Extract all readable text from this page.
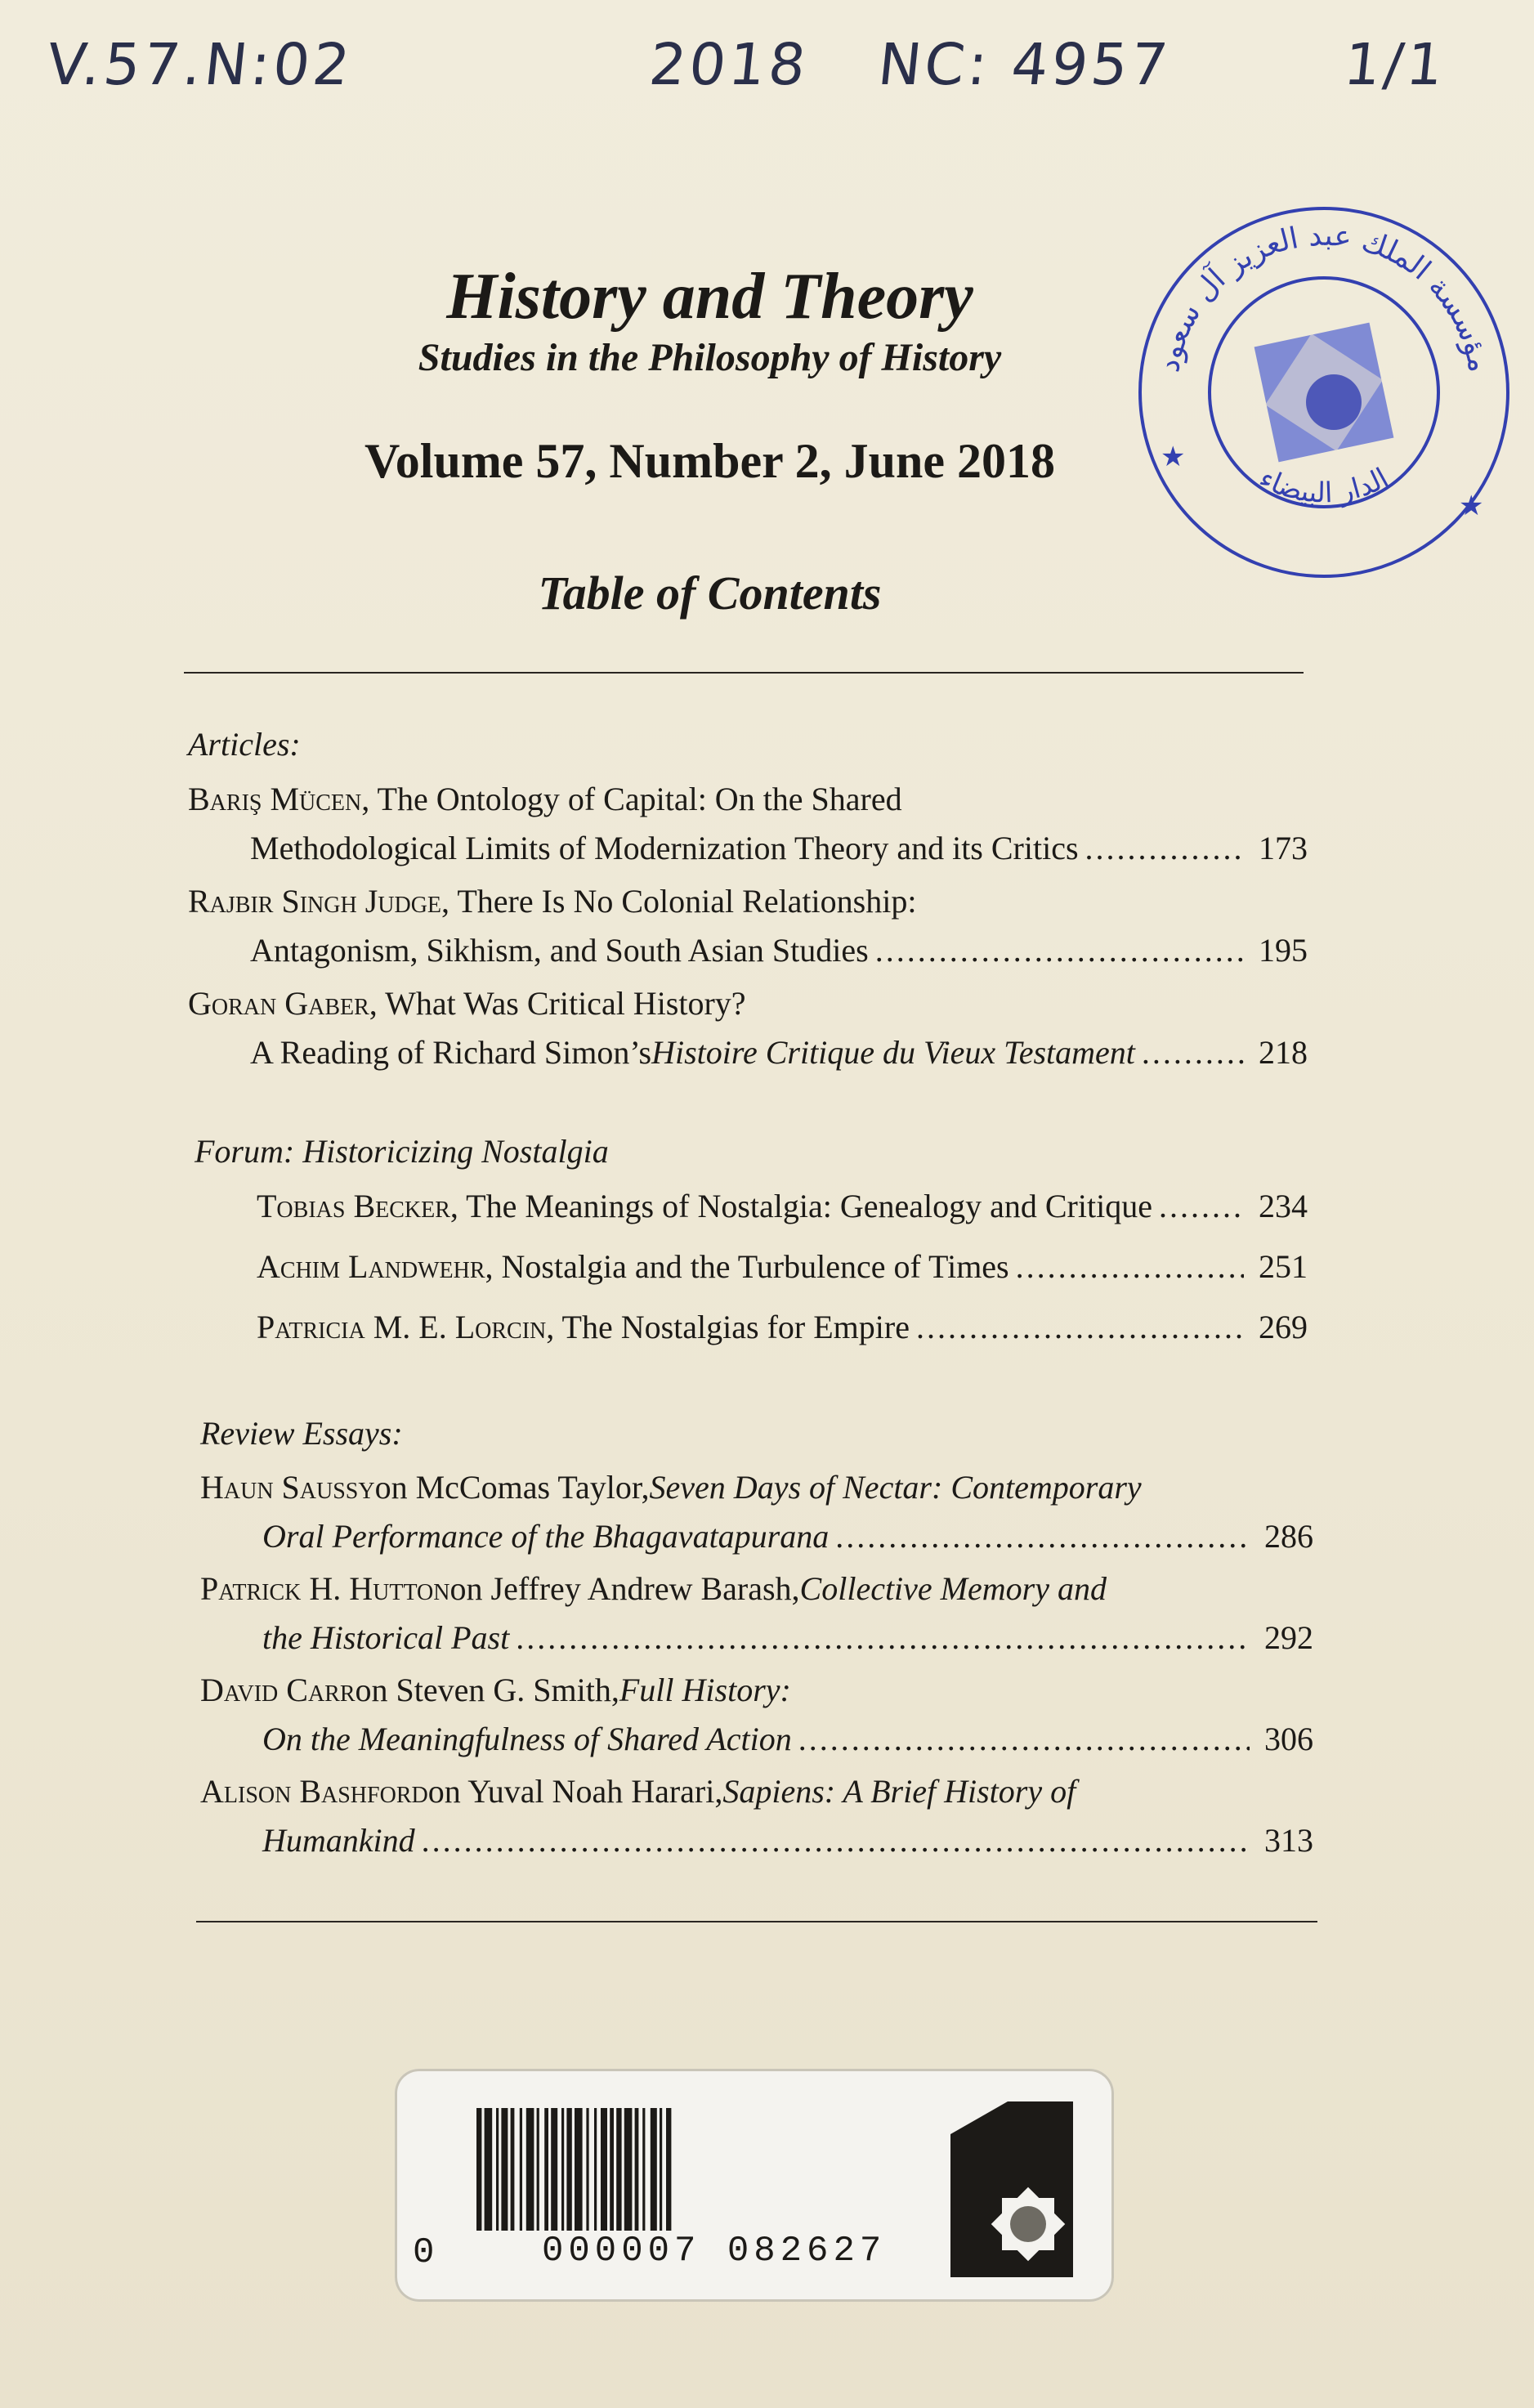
V.57.N:02	2018 NC: 4957	1/1
History and Theory
Studies in the Philosophy of History
Volume 57, Number 2, June 2018
Table of Contents
Articles:
Barış Mücen , The Ontology of Capital: On the Shared
Methodological Limits of Modernization Theory and its Critics .....	173
Rajbir Singh Judge , There Is No Colonial Relationship:
Antagonism, Sikhism, and South Asian Studies .....	195
Goran Gaber , What Was Critical History?
A Reading of Richard Simon’s Histoire Critique du Vieux Testament .....	218
Forum: Historicizing Nostalgia
Tobias Becker , The Meanings of Nostalgia: Genealogy and Critique .....	234
Achim Landwehr , Nostalgia and the Turbulence of Times .....	251
Patricia M. E. Lorcin , The Nostalgias for Empire .....	269
Review Essays:
Haun Saussy on McComas Taylor, Seven Days of Nectar: Contemporary
Oral Performance of the Bhagavatapurana .....	286
Patrick H. Hutton on Jeffrey Andrew Barash, Collective Memory and
the Historical Past .....	292
David Carr on Steven G. Smith, Full History:
On the Meaningfulness of Shared Action .....	306
Alison Bashford on Yuval Noah Harari, Sapiens: A Brief History of
Humankind .....	313
مؤسسة الملك عبد العزيز آل سعود
الدار البيضاء
★
★
0	000007 082627
